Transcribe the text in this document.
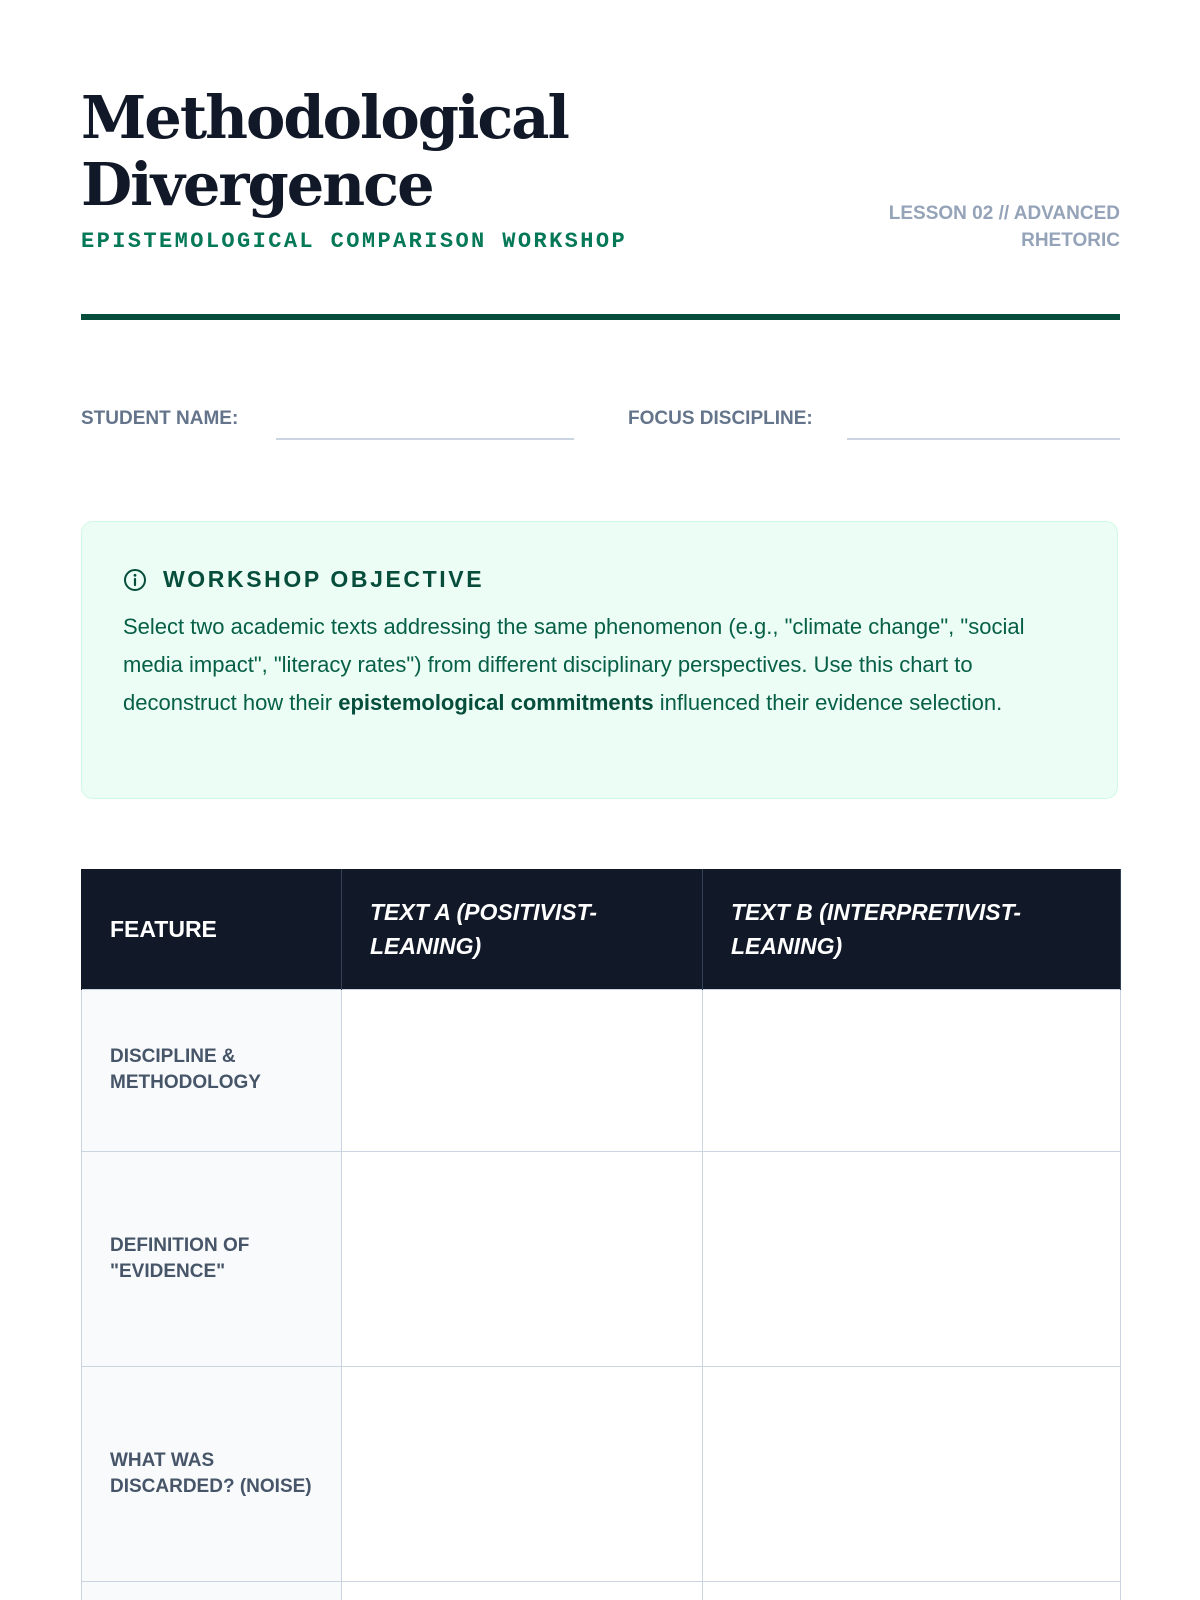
Methodological
Divergence
EPISTEMOLOGICAL COMPARISON WORKSHOP
LESSON 02 // ADVANCED
RHETORIC
STUDENT NAME:	FOCUS DISCIPLINE:
WORKSHOP OBJECTIVE

Select two academic texts addressing the same phenomenon (e.g., "climate change", "social media impact", "literacy rates") from different disciplinary perspectives. Use this chart to deconstruct how their epistemological commitments influenced their evidence selection.

FEATURE	TEXT A (POSITIVIST-LEANING)	TEXT B (INTERPRETIVIST-LEANING)
DISCIPLINE & METHODOLOGY		
DEFINITION OF "EVIDENCE"		
WHAT WAS DISCARDED? (NOISE)		
